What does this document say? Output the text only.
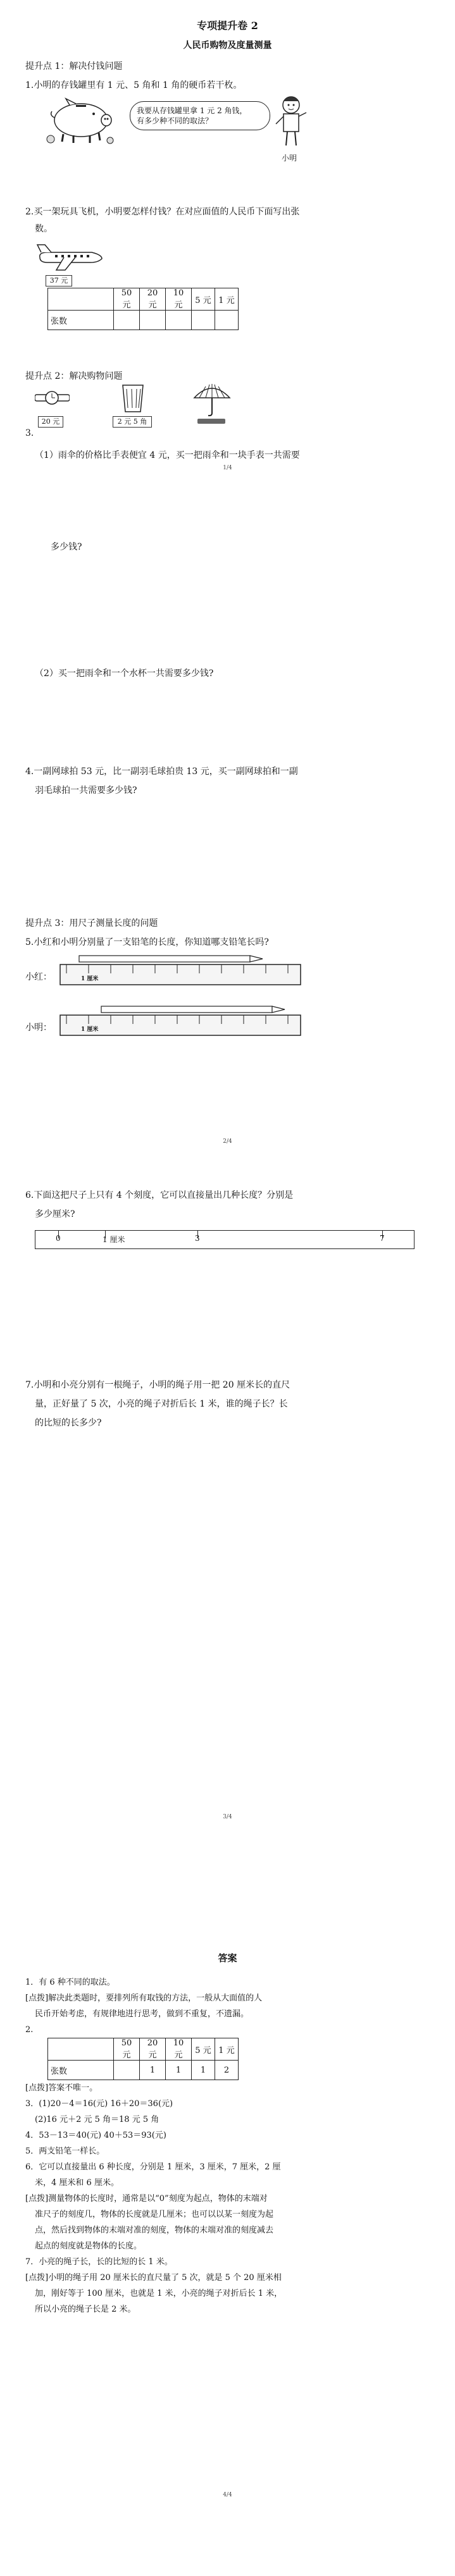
专项提升卷 2
人民币购物及度量测量
提升点 1：解决付钱问题
1.小明的存钱罐里有 1 元、5 角和 1 角的硬币若干枚。
我要从存钱罐里拿 1 元 2 角钱，
有多少种不同的取法？
小明
2.买一架玩具飞机，小明要怎样付钱？在对应面值的人民币下面写出张
数。
37 元
	50 元	20 元	10 元	5 元	1 元
张数					
提升点 2：解决购物问题
20 元	2 元 5 角
3.
（1）雨伞的价格比手表便宜 4 元，买一把雨伞和一块手表一共需要
1/4
多少钱?
（2）买一把雨伞和一个水杯一共需要多少钱?
4.一副网球拍 53 元，比一副羽毛球拍贵 13 元，买一副网球拍和一副
羽毛球拍一共需要多少钱?
提升点 3：用尺子测量长度的问题
5.小红和小明分别量了一支铅笔的长度，你知道哪支铅笔长吗?
小红：	1 厘米
小明：	1 厘米
2/4
6.下面这把尺子上只有 4 个刻度，它可以直接量出几种长度？分别是
多少厘米?
0	1 厘米	3	7
7.小明和小亮分别有一根绳子，小明的绳子用一把 20 厘米长的直尺
量，正好量了 5 次，小亮的绳子对折后长 1 米，谁的绳子长？长
的比短的长多少?
3/4
答案
1．有 6 种不同的取法。
[点拨]解决此类题时，要排列所有取钱的方法，一般从大面值的人
民币开始考虑，有规律地进行思考，做到不重复，不遗漏。
2.
	50 元	20 元	10 元	5 元	1 元
张数		1	1	1	2
[点拨]答案不唯一。
3．(1)20－4＝16(元) 16＋20＝36(元)
(2)16 元＋2 元 5 角＝18 元 5 角
4．53－13＝40(元) 40＋53＝93(元)
5．两支铅笔一样长。
6．它可以直接量出 6 种长度，分别是 1 厘米，3 厘米，7 厘米，2 厘
米，4 厘米和 6 厘米。
[点拨]测量物体的长度时，通常是以“0”刻度为起点，物体的末端对
准尺子的刻度几，物体的长度就是几厘米；也可以以某一刻度为起
点，然后找到物体的末端对准的刻度，物体的末端对准的刻度减去
起点的刻度就是物体的长度。
7．小亮的绳子长，长的比短的长 1 米。
[点拨]小明的绳子用 20 厘米长的直尺量了 5 次，就是 5 个 20 厘米相
加，刚好等于 100 厘米，也就是 1 米，小亮的绳子对折后长 1 米，
所以小亮的绳子长是 2 米。
4/4
